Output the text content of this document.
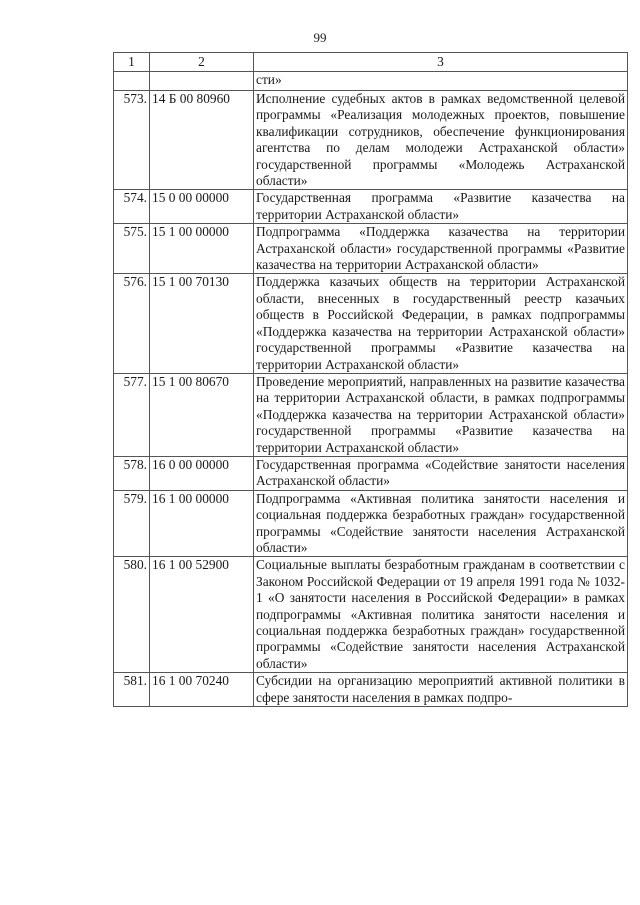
99
1	2	3
		сти»
573.	14 Б 00 80960	Исполнение судебных актов в рамках ведомственной целевой программы «Реализация молодежных проектов, повышение квалификации сотрудников, обеспечение функционирования агентства по делам молодежи Астраханской области» государственной программы «Молодежь Астраханской области»
574.	15 0 00 00000	Государственная программа «Развитие казачества на территории Астраханской области»
575.	15 1 00 00000	Подпрограмма «Поддержка казачества на территории Астраханской области» государственной программы «Развитие казачества на территории Астраханской области»
576.	15 1 00 70130	Поддержка казачьих обществ на территории Астраханской области, внесенных в государственный реестр казачьих обществ в Российской Федерации, в рамках подпрограммы «Поддержка казачества на территории Астраханской области» государственной программы «Развитие казачества на территории Астраханской области»
577.	15 1 00 80670	Проведение мероприятий, направленных на развитие казачества на территории Астраханской области, в рамках подпрограммы «Поддержка казачества на территории Астраханской области» государственной программы «Развитие казачества на территории Астраханской области»
578.	16 0 00 00000	Государственная программа «Содействие занятости населения Астраханской области»
579.	16 1 00 00000	Подпрограмма «Активная политика занятости населения и социальная поддержка безработных граждан» государственной программы «Содействие занятости населения Астраханской области»
580.	16 1 00 52900	Социальные выплаты безработным гражданам в соответствии с Законом Российской Федерации от 19 апреля 1991 года № 1032-1 «О занятости населения в Российской Федерации» в рамках подпрограммы «Активная политика занятости населения и социальная поддержка безработных граждан» государственной программы «Содействие занятости населения Астраханской области»
581.	16 1 00 70240	Субсидии на организацию мероприятий активной политики в сфере занятости населения в рамках подпро-
